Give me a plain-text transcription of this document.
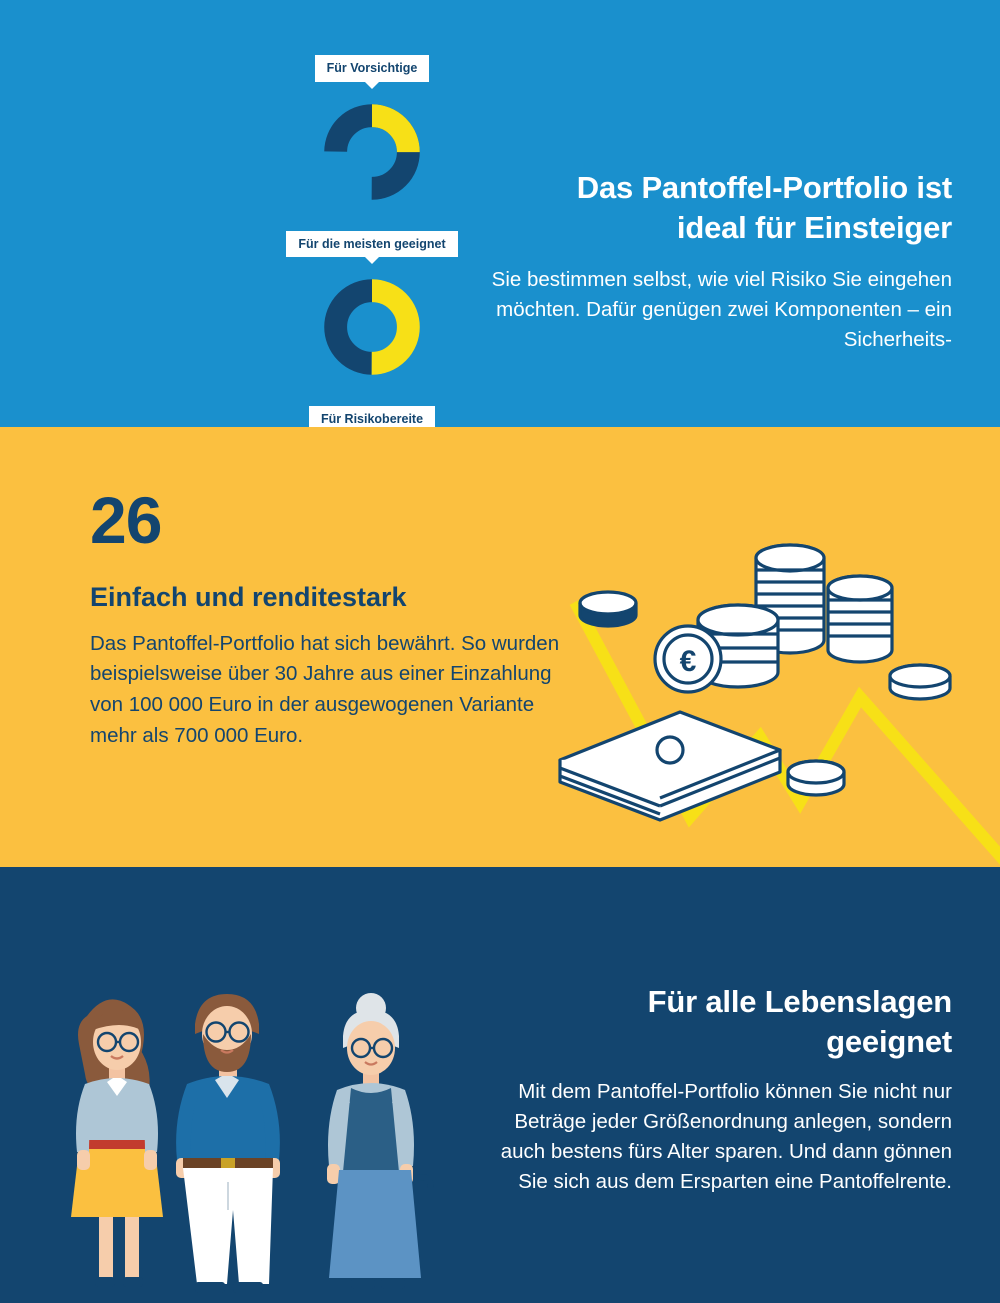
Für Vorsichtige
Für die meisten geeignet
Für Risikobereite
Das Pantoffel-Portfolio ist
ideal für Einsteiger
Sie bestimmen selbst, wie viel Risiko Sie eingehen möchten. Dafür genügen zwei Komponenten – ein Sicherheits-
26
Einfach und renditestark
Das Pantoffel-Portfolio hat sich bewährt. So wurden beispielsweise über 30 Jahre aus einer Einzahlung von 100 000 Euro in der ausgewogenen Variante mehr als 700 000 Euro.
€
Für alle Lebenslagen
geeignet
Mit dem Pantoffel-Portfolio können Sie nicht nur Beträge jeder Größenordnung anlegen, sondern auch bestens fürs Alter sparen. Und dann gönnen Sie sich aus dem Ersparten eine Pantoffelrente.
